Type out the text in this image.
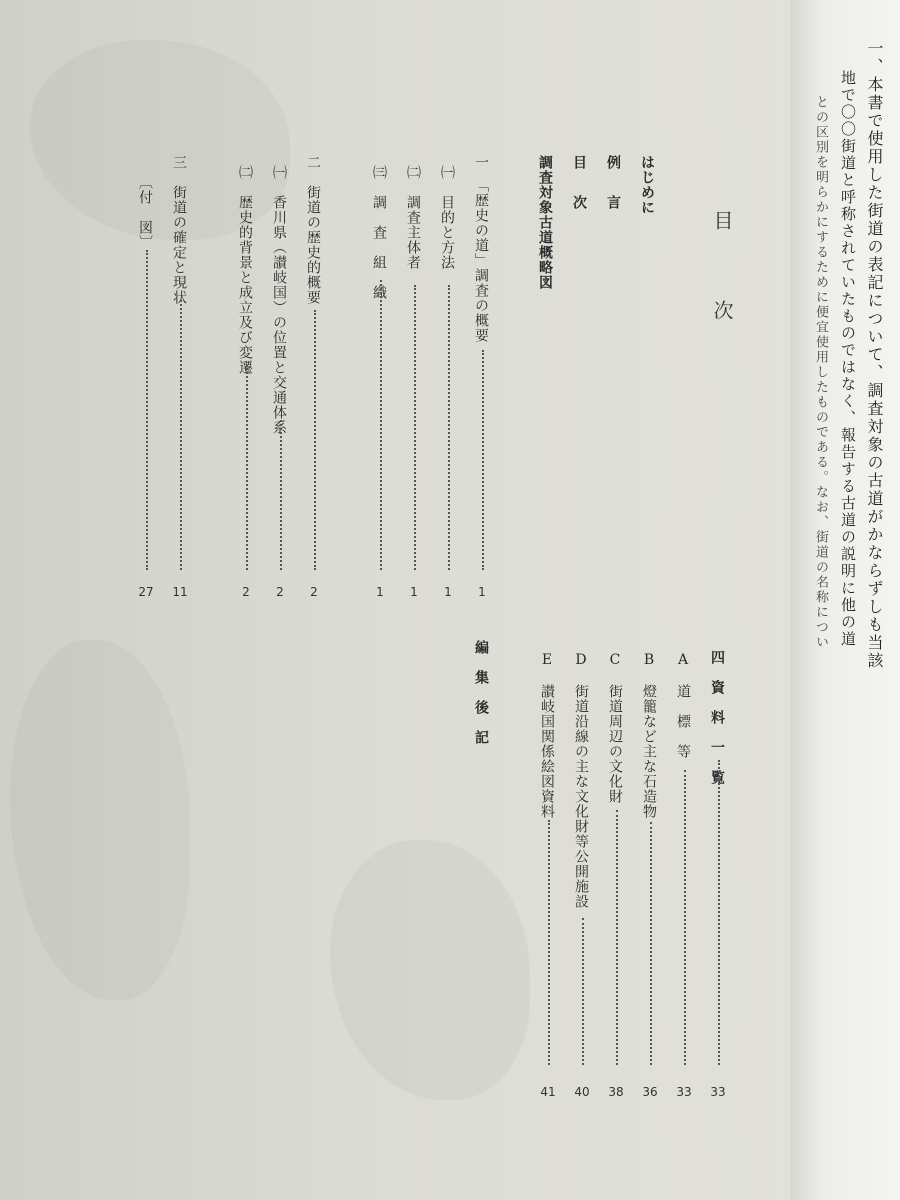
目次
はじめに
例　言
目　次
調査対象古道概略図
一　「歴史の道」調査の概要
1
㈠　目的と方法
1
㈡　調査主体者
1
㈢　調　査　組　織
1
二　街道の歴史的概要
2
㈠　香川県（讃岐国）の位置と交通体系
2
㈡　歴史的背景と成立及び変遷
2
三　街道の確定と現状
11
〔付　図〕
27
四　資　料　一　覧
33
A　道　標　等
33
B　燈籠など主な石造物
36
C　街道周辺の文化財
38
D　街道沿線の主な文化財等公開施設
40
E　讃岐国関係絵図資料
41
編　集　後　記
一、本書で使用した街道の表記について、調査対象の古道がかならずしも当該
地で〇〇街道と呼称されていたものではなく、報告する古道の説明に他の道
との区別を明らかにするために便宜使用したものである。なお、街道の名称につい
